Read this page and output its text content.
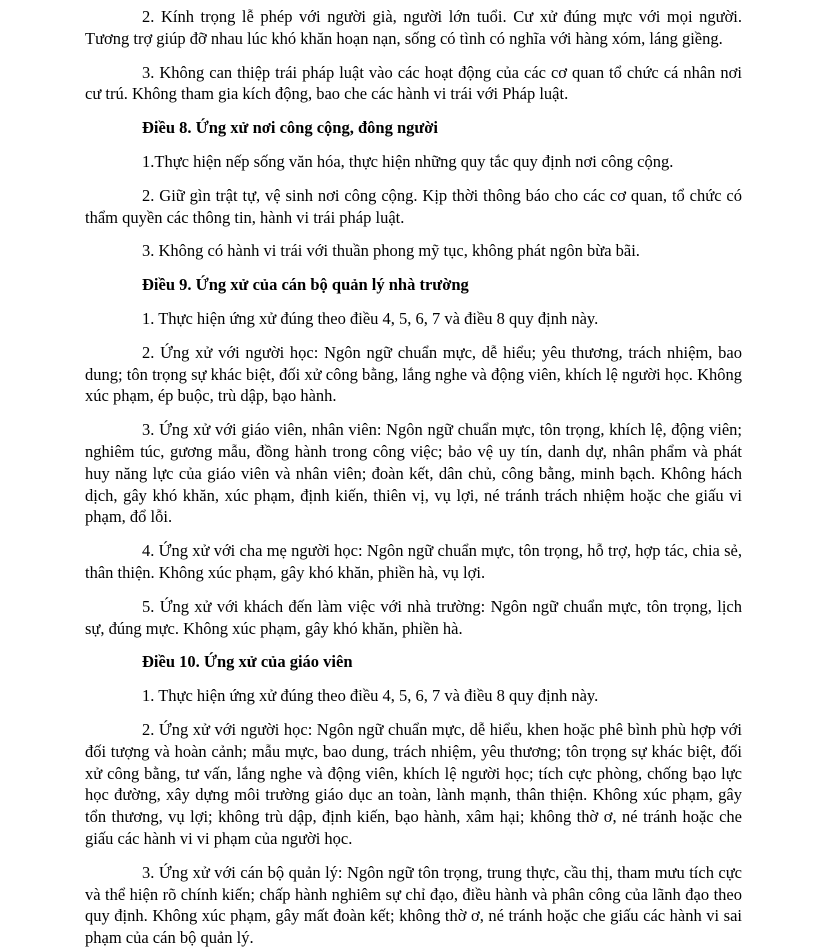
2. Kính trọng lễ phép với người già, người lớn tuổi. Cư xử đúng mực với mọi người. Tương trợ giúp đỡ nhau lúc khó khăn hoạn nạn, sống có tình có nghĩa với hàng xóm, láng giềng.

3. Không can thiệp trái pháp luật vào các hoạt động của các cơ quan tổ chức cá nhân nơi cư trú. Không tham gia kích động, bao che các hành vi trái với Pháp luật.

Điều 8. Ứng xử nơi công cộng, đông người

1.Thực hiện nếp sống văn hóa, thực hiện những quy tắc quy định nơi công cộng.

2. Giữ gìn trật tự, vệ sinh nơi công cộng. Kịp thời thông báo cho các cơ quan, tổ chức có thẩm quyền các thông tin, hành vi trái pháp luật.

3. Không có hành vi trái với thuần phong mỹ tục, không phát ngôn bừa bãi.

Điều 9. Ứng xử của cán bộ quản lý nhà trường

1. Thực hiện ứng xử đúng theo điều 4, 5, 6, 7 và điều 8 quy định này.

2. Ứng xử với người học: Ngôn ngữ chuẩn mực, dễ hiểu; yêu thương, trách nhiệm, bao dung; tôn trọng sự khác biệt, đối xử công bằng, lắng nghe và động viên, khích lệ người học. Không xúc phạm, ép buộc, trù dập, bạo hành.

3. Ứng xử với giáo viên, nhân viên: Ngôn ngữ chuẩn mực, tôn trọng, khích lệ, động viên; nghiêm túc, gương mẫu, đồng hành trong công việc; bảo vệ uy tín, danh dự, nhân phẩm và phát huy năng lực của giáo viên và nhân viên; đoàn kết, dân chủ, công bằng, minh bạch. Không hách dịch, gây khó khăn, xúc phạm, định kiến, thiên vị, vụ lợi, né tránh trách nhiệm hoặc che giấu vi phạm, đổ lỗi.

4. Ứng xử với cha mẹ người học: Ngôn ngữ chuẩn mực, tôn trọng, hỗ trợ, hợp tác, chia sẻ, thân thiện. Không xúc phạm, gây khó khăn, phiền hà, vụ lợi.

5. Ứng xử với khách đến làm việc với nhà trường: Ngôn ngữ chuẩn mực, tôn trọng, lịch sự, đúng mực. Không xúc phạm, gây khó khăn, phiền hà.

Điều 10. Ứng xử của giáo viên

1. Thực hiện ứng xử đúng theo điều 4, 5, 6, 7 và điều 8 quy định này.

2. Ứng xử với người học: Ngôn ngữ chuẩn mực, dễ hiểu, khen hoặc phê bình phù hợp với đối tượng và hoàn cảnh; mẫu mực, bao dung, trách nhiệm, yêu thương; tôn trọng sự khác biệt, đối xử công bằng, tư vấn, lắng nghe và động viên, khích lệ người học; tích cực phòng, chống bạo lực học đường, xây dựng môi trường giáo dục an toàn, lành mạnh, thân thiện. Không xúc phạm, gây tổn thương, vụ lợi; không trù dập, định kiến, bạo hành, xâm hại; không thờ ơ, né tránh hoặc che giấu các hành vi vi phạm của người học.

3. Ứng xử với cán bộ quản lý: Ngôn ngữ tôn trọng, trung thực, cầu thị, tham mưu tích cực và thể hiện rõ chính kiến; chấp hành nghiêm sự chỉ đạo, điều hành và phân công của lãnh đạo theo quy định. Không xúc phạm, gây mất đoàn kết; không thờ ơ, né tránh hoặc che giấu các hành vi sai phạm của cán bộ quản lý.
